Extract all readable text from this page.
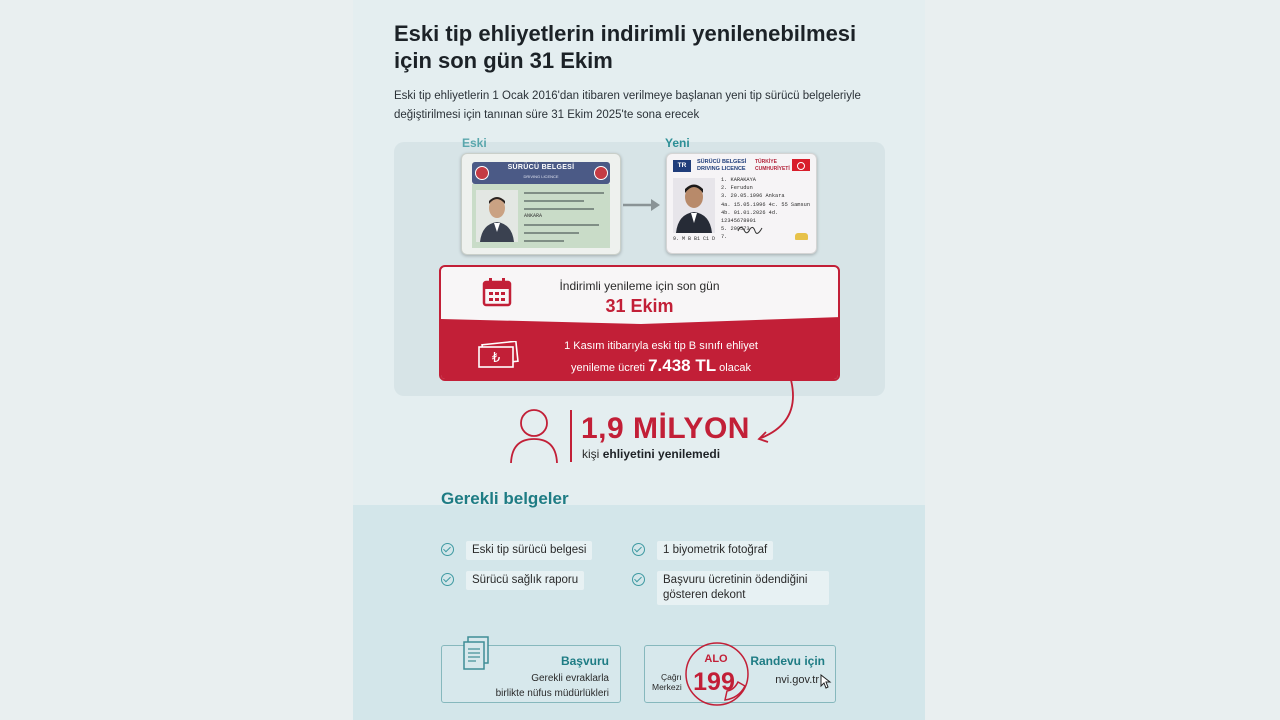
Eski tip ehliyetlerin indirimli yenilenebilmesi için son gün 31 Ekim

Eski tip ehliyetlerin 1 Ocak 2016'dan itibaren verilmeye başlanan yeni tip sürücü belgeleriyle değiştirilmesi için tanınan süre 31 Ekim 2025'te sona erecek

Eski	Yeni
SÜRÜCÜ BELGESİ
DRIVING LICENCE
ANKARA
TR	SÜRÜCÜ BELGESİ
DRIVING LICENCE
TÜRKİYE
CUMHURİYETİ
1. KARAKAYA
2. Ferudun
3. 20.05.1996 Ankara
4a. 15.05.1996 4c. 55 Samsun
4b. 01.01.2026 4d. 12345678901
5. 209573
7.
9. M B B1 C1 D
İndirimli yenileme için son gün
31 Ekim
₺
1 Kasım itibarıyla eski tip B sınıfı ehliyet
yenileme ücreti 7.438 TL olacak
1,9 MİLYON
kişi ehliyetini yenilemedi
Gerekli belgeler
Eski tip sürücü belgesi	1 biyometrik fotoğraf
Sürücü sağlık raporu	Başvuru ücretinin ödendiğini gösteren dekont
Başvuru
Gerekli evraklarla
birlikte nüfus müdürlükleri
Çağrı
Merkezi
ALO
199
Randevu için
nvi.gov.tr
